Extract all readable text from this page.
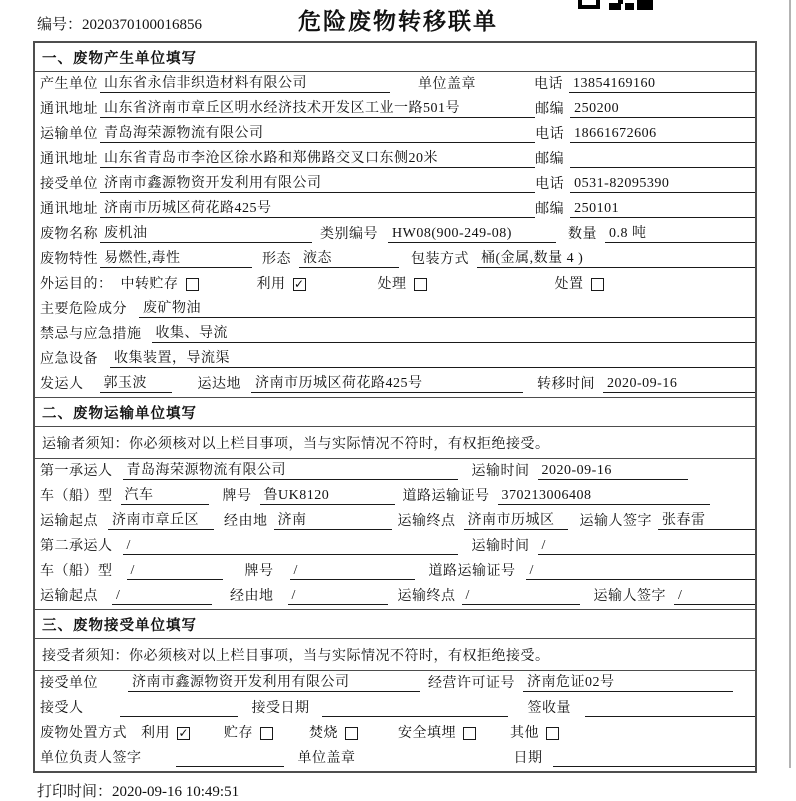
编号：2020370100016856	危险废物转移联单
一、废物产生单位填写
产生单位 山东省永信非织造材料有限公司	单位盖章	电话 13854169160
通讯地址 山东省济南市章丘区明水经济技术开发区工业一路501号	邮编 250200
运输单位 青岛海荣源物流有限公司	电话 18661672606
通讯地址 山东省青岛市李沧区徐水路和郑佛路交叉口东侧20米	邮编
接受单位 济南市鑫源物资开发利用有限公司	电话 0531-82095390
通讯地址 济南市历城区荷花路425号	邮编 250101
废物名称 废机油	类别编号 HW08(900-249-08)	数量 0.8 吨
废物特性 易燃性,毒性	形态 液态	包装方式 桶(金属,数量 4 )
外运目的： 中转贮存	利用 ✓	处理	处置
主要危险成分 废矿物油
禁忌与应急措施 收集、导流
应急设备 收集装置，导流渠
发运人 郭玉波	运达地 济南市历城区荷花路425号	转移时间 2020-09-16
二、废物运输单位填写
运输者须知：你必须核对以上栏目事项，当与实际情况不符时，有权拒绝接受。
第一承运人 青岛海荣源物流有限公司	运输时间 2020-09-16
车（船）型 汽车	牌号 鲁UK8120	道路运输证号 370213006408
运输起点 济南市章丘区	经由地 济南	运输终点 济南市历城区	运输人签字 张春雷
第二承运人 /	运输时间 /
车（船）型 /	牌号 /	道路运输证号 /
运输起点 /	经由地 /	运输终点 /	运输人签字 /
三、废物接受单位填写
接受者须知：你必须核对以上栏目事项，当与实际情况不符时，有权拒绝接受。
接受单位 济南市鑫源物资开发利用有限公司	经营许可证号 济南危证02号
接受人	接受日期	签收量
废物处置方式 利用 ✓	贮存	焚烧	安全填埋	其他
单位负责人签字	单位盖章	日期
打印时间：2020-09-16 10:49:51
